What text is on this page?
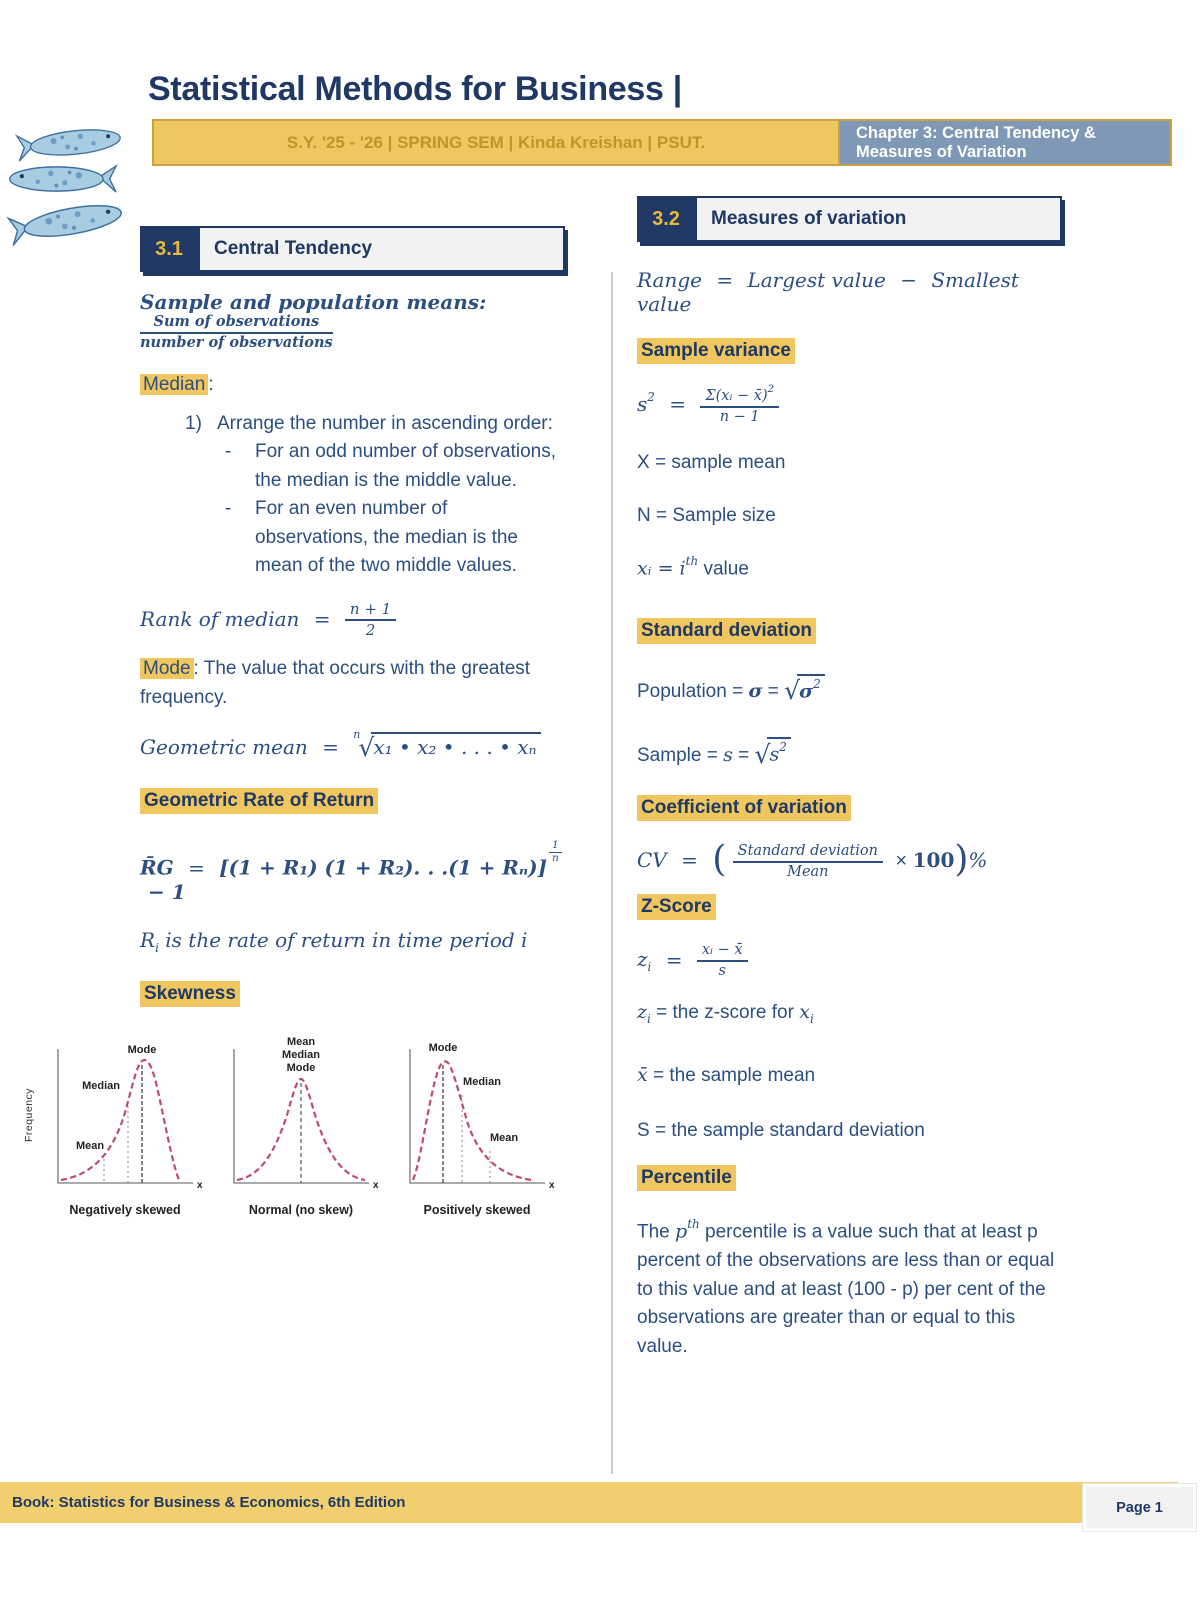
Statistical Methods for Business |
S.Y. '25 - '26 | SPRING SEM | Kinda Kreishan | PSUT.	Chapter 3: Central Tendency & Measures of Variation
3.1	Central Tendency
Sample and population means:
$\frac{\text{Sum of observations}}{\text{number of observations}}$
Median :
1) Arrange the number in ascending order:
-	For an odd number of observations, the median is the middle value.
-	For an even number of observations, the median is the mean of the two middle values.
Rank of median = $\frac{n + 1}{2}$
Mode : The value that occurs with the greatest frequency.
Geometric mean = $^n$√x₁ • x₂ • . . . • xₙ
Geometric Rate of Return
R̄G = [(1 + R₁) (1 + R₂). . .(1 + Rₙ)]
$\frac{1}{n} - 1$
$R_i$ is the rate of return in time period i
Skewness
Frequency
Mode
Median
Mean
x
Negatively skewed
Mean
Median
Mode
x
Normal (no skew)
Mode
Median
Mean
x
Positively skewed
3.2	Measures of variation
Range = Largest value − Smallest value
Sample variance
$s^2 = \frac{\Sigma(xᵢ - x̄)^2}{n - 1}$
X = sample mean
N = Sample size
xᵢ = $i^{th}$ value
Standard deviation
Population = $\sigma = √\sigma^2$
Sample = $s = √s^2$
Coefficient of variation
CV = ( $\frac{\text{Standard deviation}}{\text{Mean}} \times 100)\%$
Z-Score
$z_i = \frac{\text{xᵢ − x̄}}{s}$
$z_i$ = the z-score for $x_i$
x̄ = the sample mean
S = the sample standard deviation
Percentile
The $p^{th}$ percentile is a value such that at least p percent of the observations are less than or equal to this value and at least (100 - p) per cent of the observations are greater than or equal to this value.
Book: Statistics for Business & Economics, 6th Edition	Page 1
